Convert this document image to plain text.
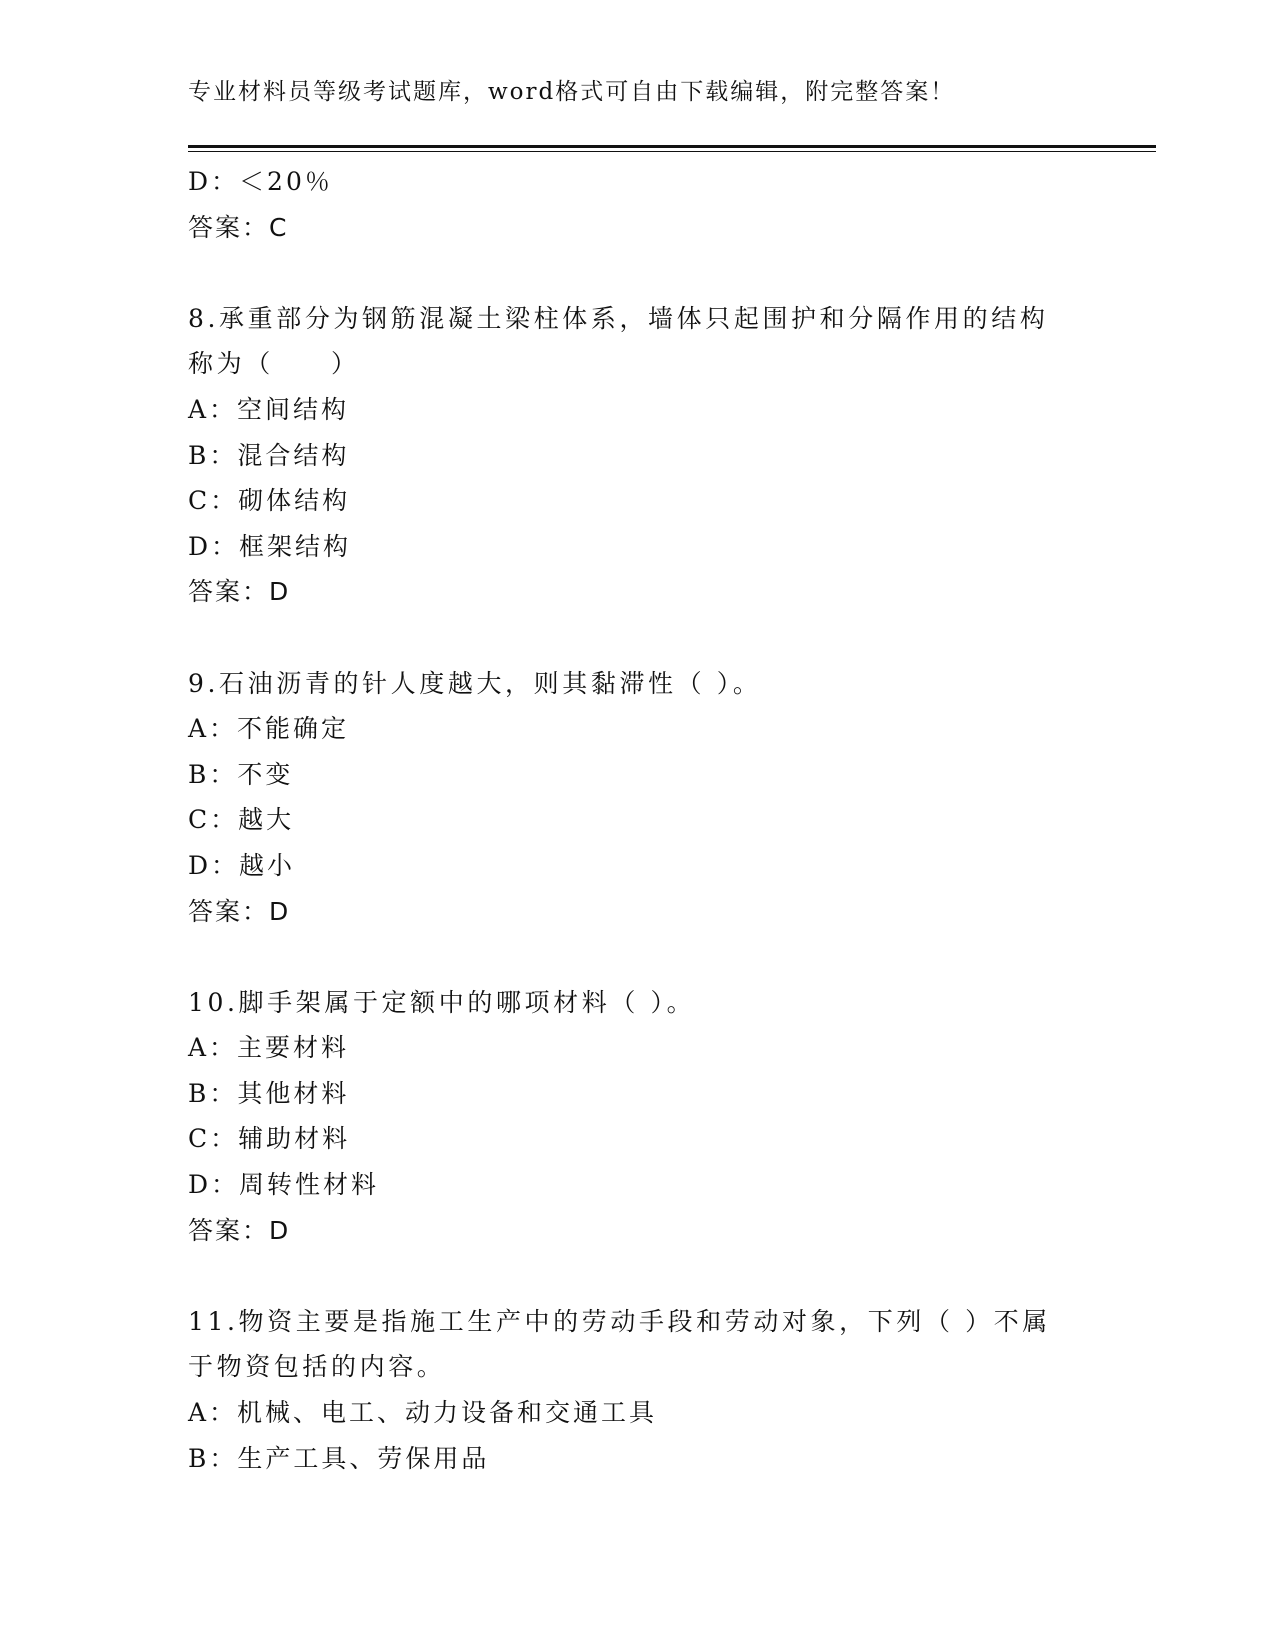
专业材料员等级考试题库，word格式可自由下载编辑，附完整答案！
D：＜20％
答案：C
8.承重部分为钢筋混凝土梁柱体系，墙体只起围护和分隔作用的结构
称为（　　）
A：空间结构
B：混合结构
C：砌体结构
D：框架结构
答案：D
9.石油沥青的针人度越大，则其黏滞性（ ）。
A：不能确定
B：不变
C：越大
D：越小
答案：D
10.脚手架属于定额中的哪项材料（ ）。
A：主要材料
B：其他材料
C：辅助材料
D：周转性材料
答案：D
11.物资主要是指施工生产中的劳动手段和劳动对象，下列（ ）不属
于物资包括的内容。
A：机械、电工、动力设备和交通工具
B：生产工具、劳保用品
